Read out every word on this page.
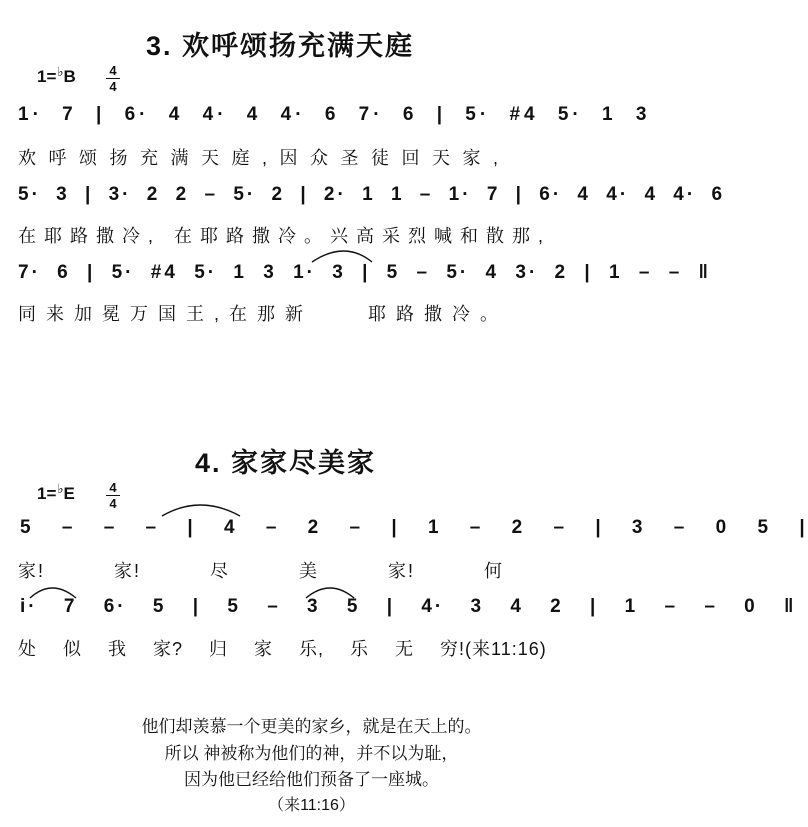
3. 欢呼颂扬充满天庭
1=♭B	4
4
1· 7 | 6· 4 4· 4 4· 6 7· 6 | 5· #4 5· 1 3
欢呼颂扬充满天庭,因众圣徒回天家,
5· 3 | 3· 2 2 – 5· 2 | 2· 1 1 – 1· 7 | 6· 4 4· 4 4· 6
在耶路撒冷, 在耶路撒冷。兴高采烈喊和散那,
7· 6 | 5· #4 5· 1 3 1· 3 | 5 – 5· 4 3· 2 | 1 – – ‖
同来加冕万国王,在那新 耶路撒冷。
4. 家家尽美家
1=♭E	4
4
5 – – – | 4 – 2 – | 1 – 2 – | 3 – 0 5 |
家! 家! 尽 美 家! 何
i· 7 6· 5 | 5 – 3 5 | 4· 3 4 2 | 1 – – 0 ‖
处 似 我 家? 归 家 乐, 乐 无 穷!(来11:16)
他们却羡慕一个更美的家乡，就是在天上的。
所以 神被称为他们的神，并不以为耻，
因为他已经给他们预备了一座城。
（来11:16）
